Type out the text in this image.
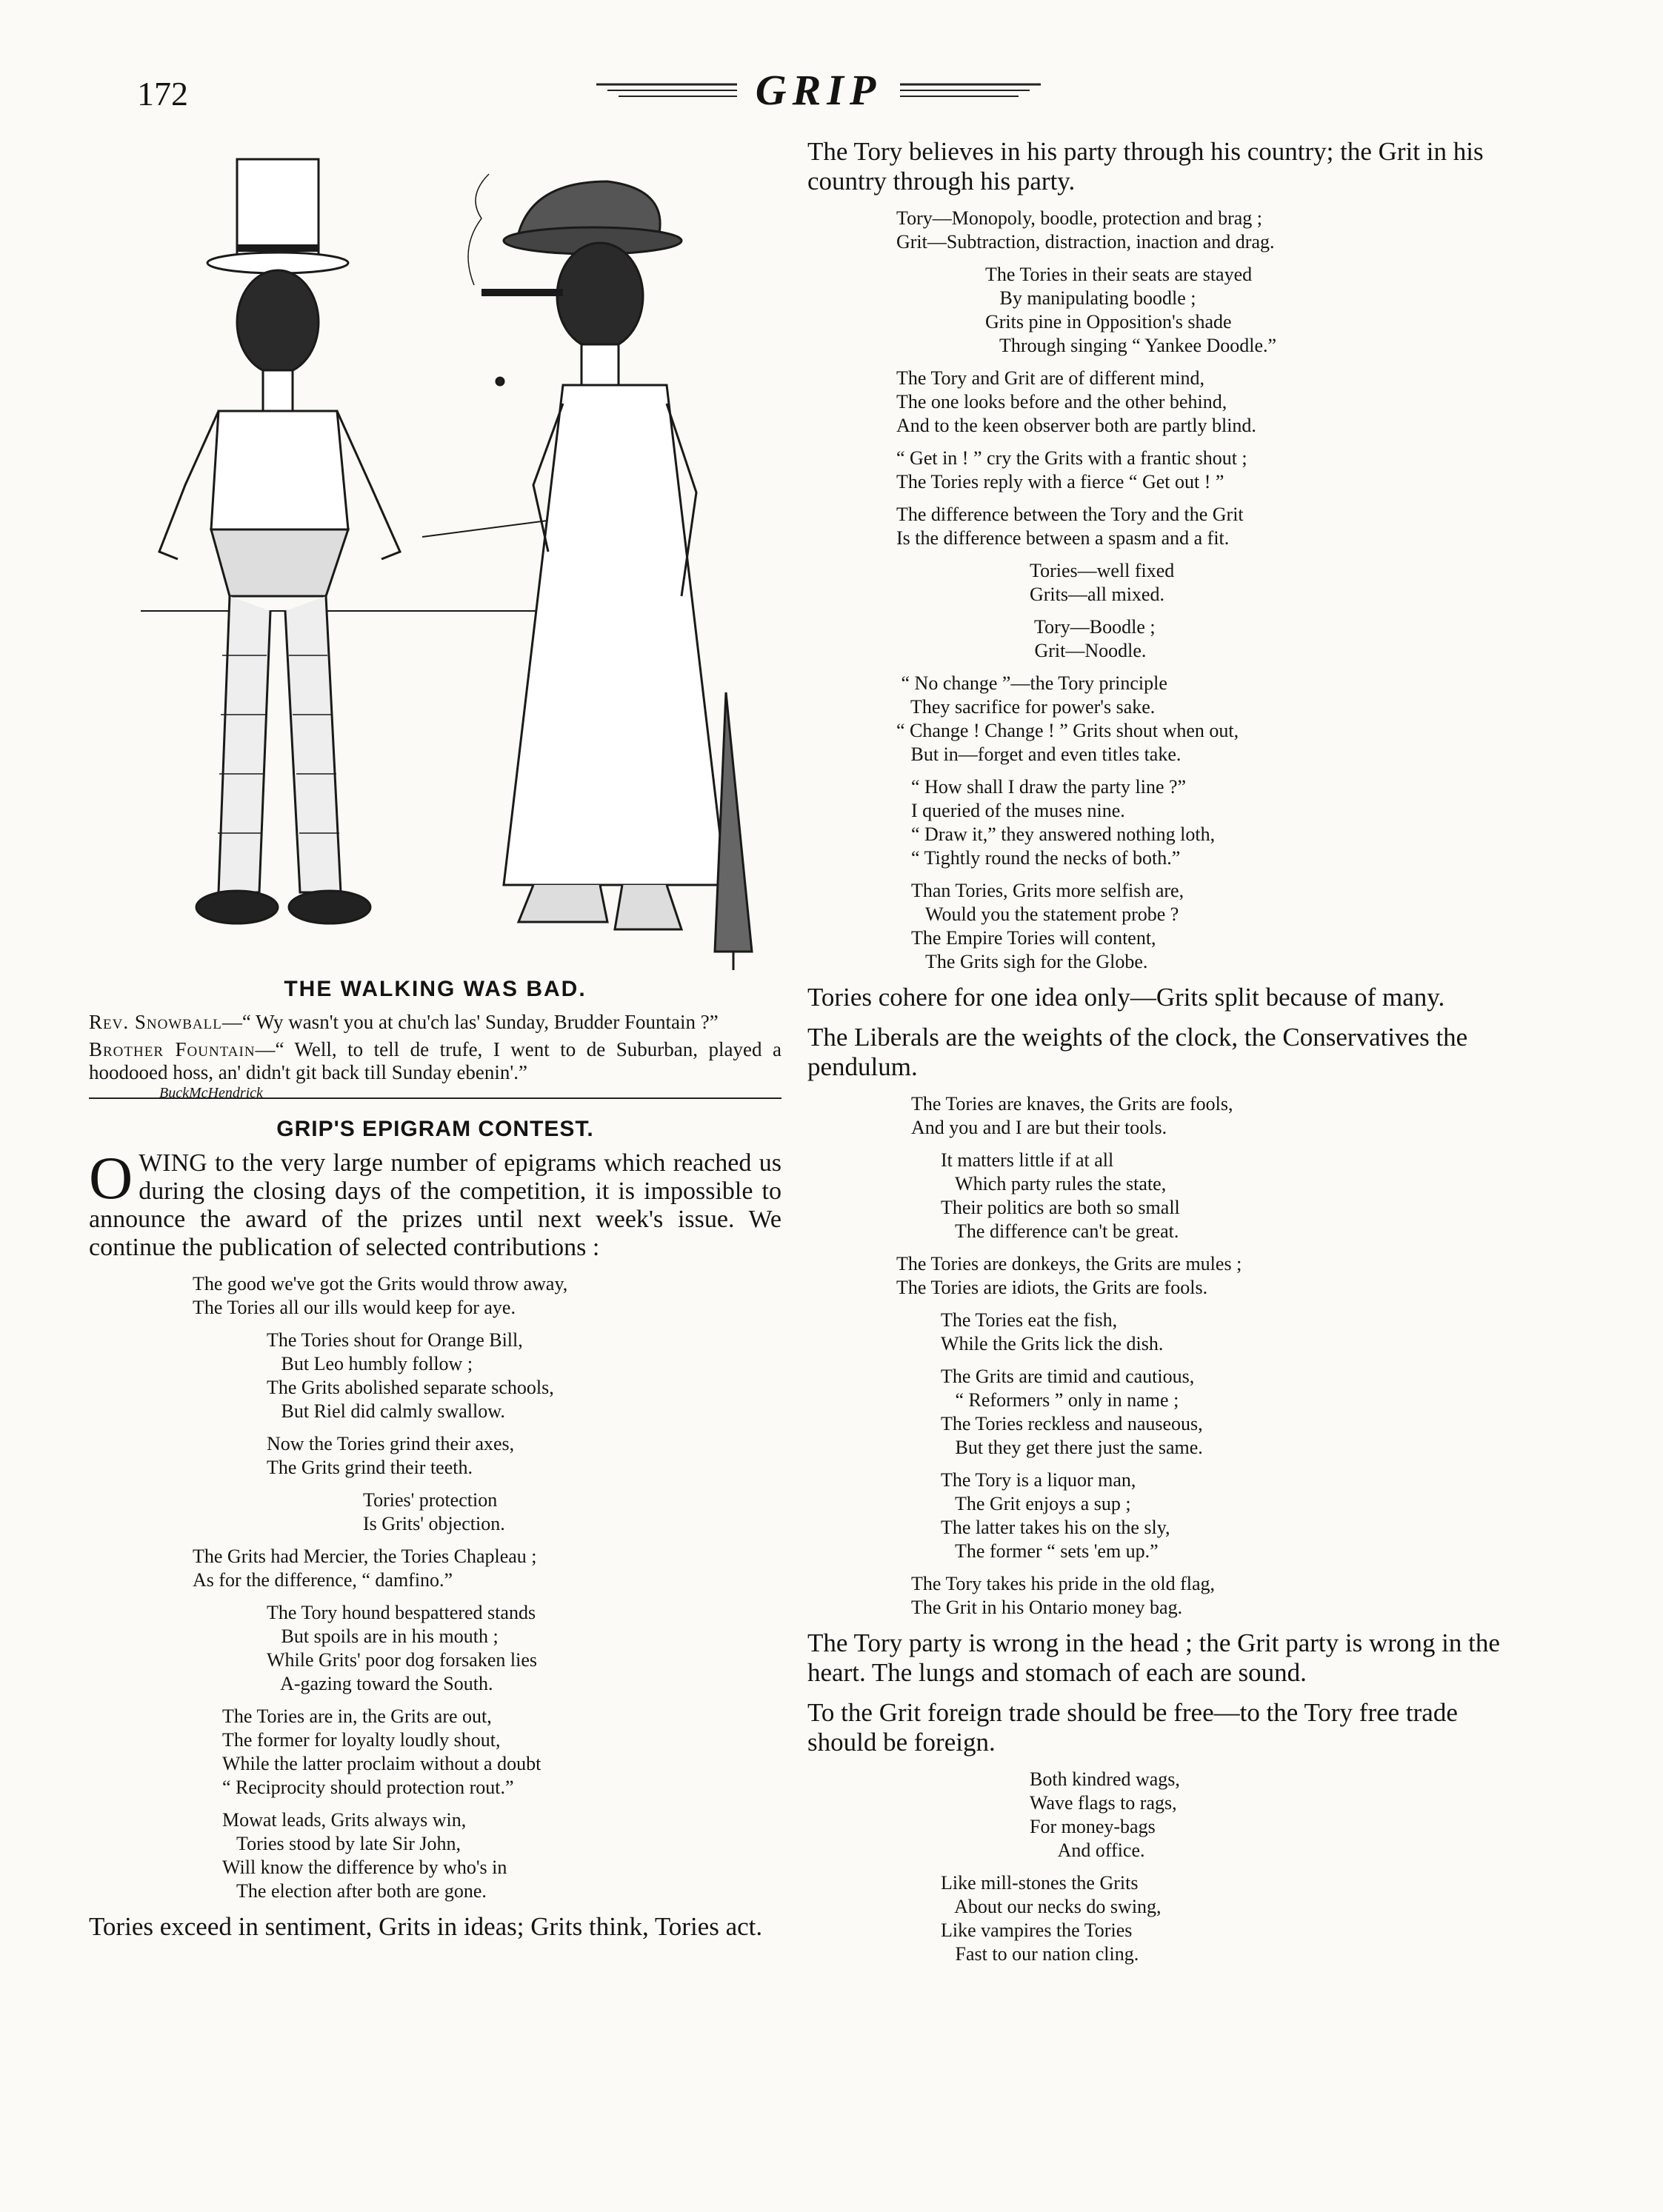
172	GRIP
BuckMcHendrick
THE WALKING WAS BAD.

Rev. Snowball—“ Wy wasn't you at chu'ch las' Sunday, Brudder Fountain ?”

Brother Fountain—“ Well, to tell de trufe, I went to de Suburban, played a hoodooed hoss, an' didn't git back till Sunday ebenin'.”

GRIP'S EPIGRAM CONTEST.

OWING to the very large number of epigrams which reached us during the closing days of the competition, it is impossible to announce the award of the prizes until next week's issue. We continue the publication of selected contributions :

The good we've got the Grits would throw away,
The Tories all our ills would keep for aye.
The Tories shout for Orange Bill,
But Leo humbly follow ;
The Grits abolished separate schools,
But Riel did calmly swallow.
Now the Tories grind their axes,
The Grits grind their teeth.
Tories' protection
Is Grits' objection.
The Grits had Mercier, the Tories Chapleau ;
As for the difference, “ damfino.”
The Tory hound bespattered stands
But spoils are in his mouth ;
While Grits' poor dog forsaken lies
A-gazing toward the South.
The Tories are in, the Grits are out,
The former for loyalty loudly shout,
While the latter proclaim without a doubt
“ Reciprocity should protection rout.”
Mowat leads, Grits always win,
Tories stood by late Sir John,
Will know the difference by who's in
The election after both are gone.
Tories exceed in sentiment, Grits in ideas; Grits think, Tories act.
The Tory believes in his party through his country; the Grit in his country through his party.
Tory—Monopoly, boodle, protection and brag ;
Grit—Subtraction, distraction, inaction and drag.
The Tories in their seats are stayed
By manipulating boodle ;
Grits pine in Opposition's shade
Through singing “ Yankee Doodle.”
The Tory and Grit are of different mind,
The one looks before and the other behind,
And to the keen observer both are partly blind.
“ Get in ! ” cry the Grits with a frantic shout ;
The Tories reply with a fierce “ Get out ! ”
The difference between the Tory and the Grit
Is the difference between a spasm and a fit.
Tories—well fixed
Grits—all mixed.
Tory—Boodle ;
Grit—Noodle.
“ No change ”—the Tory principle
They sacrifice for power's sake.
“ Change ! Change ! ” Grits shout when out,
But in—forget and even titles take.
“ How shall I draw the party line ?”
I queried of the muses nine.
“ Draw it,” they answered nothing loth,
“ Tightly round the necks of both.”
Than Tories, Grits more selfish are,
Would you the statement probe ?
The Empire Tories will content,
The Grits sigh for the Globe.
Tories cohere for one idea only—Grits split because of many.
The Liberals are the weights of the clock, the Conservatives the pendulum.
The Tories are knaves, the Grits are fools,
And you and I are but their tools.
It matters little if at all
Which party rules the state,
Their politics are both so small
The difference can't be great.
The Tories are donkeys, the Grits are mules ;
The Tories are idiots, the Grits are fools.
The Tories eat the fish,
While the Grits lick the dish.
The Grits are timid and cautious,
“ Reformers ” only in name ;
The Tories reckless and nauseous,
But they get there just the same.
The Tory is a liquor man,
The Grit enjoys a sup ;
The latter takes his on the sly,
The former “ sets 'em up.”
The Tory takes his pride in the old flag,
The Grit in his Ontario money bag.
The Tory party is wrong in the head ; the Grit party is wrong in the heart. The lungs and stomach of each are sound.
To the Grit foreign trade should be free—to the Tory free trade should be foreign.
Both kindred wags,
Wave flags to rags,
For money-bags
And office.
Like mill-stones the Grits
About our necks do swing,
Like vampires the Tories
Fast to our nation cling.
